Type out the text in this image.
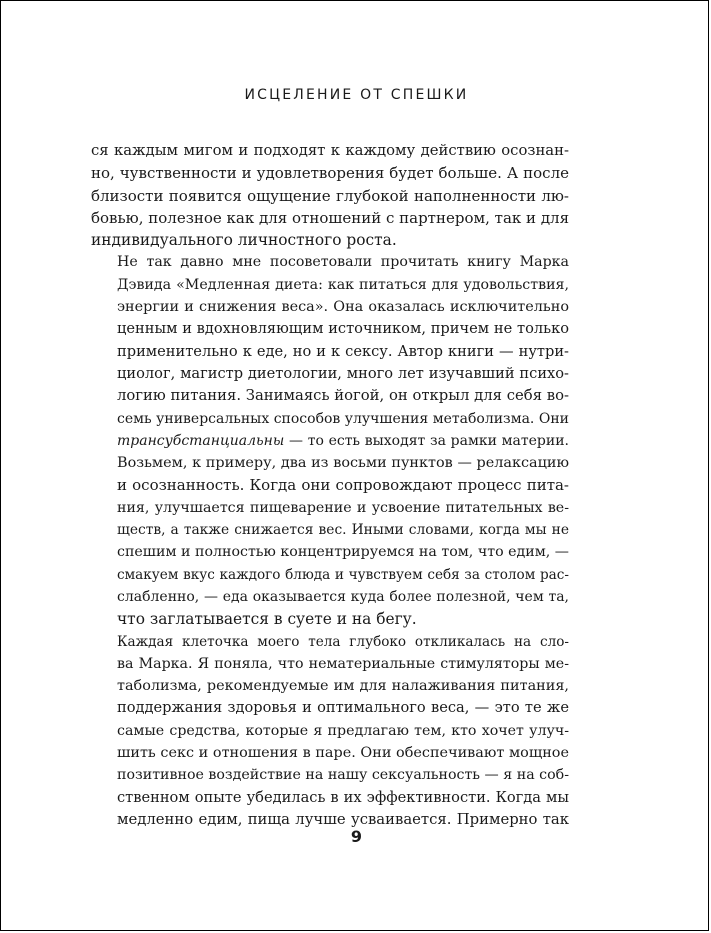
ИСЦЕЛЕНИЕ ОТ СПЕШКИ

ся каждым мигом и подходят к каждому действию осознан-
но, чувственности и удовлетворения будет больше. А после
близости появится ощущение глубокой наполненности лю-
бовью, полезное как для отношений с партнером, так и для
индивидуального личностного роста.

Не так давно мне посоветовали прочитать книгу Марка
Дэвида «Медленная диета: как питаться для удовольствия,
энергии и снижения веса». Она оказалась исключительно
ценным и вдохновляющим источником, причем не только
применительно к еде, но и к сексу. Автор книги — нутри-
циолог, магистр диетологии, много лет изучавший психо-
логию питания. Занимаясь йогой, он открыл для себя во-
семь универсальных способов улучшения метаболизма. Они
трансубстанциальны — то есть выходят за рамки материи.
Возьмем, к примеру, два из восьми пунктов — релаксацию
и осознанность. Когда они сопровождают процесс пита-
ния, улучшается пищеварение и усвоение питательных ве-
ществ, а также снижается вес. Иными словами, когда мы не
спешим и полностью концентрируемся на том, что едим, —
смакуем вкус каждого блюда и чувствуем себя за столом рас-
слабленно, — еда оказывается куда более полезной, чем та,
что заглатывается в суете и на бегу.

Каждая клеточка моего тела глубоко откликалась на сло-
ва Марка. Я поняла, что нематериальные стимуляторы ме-
таболизма, рекомендуемые им для налаживания питания,
поддержания здоровья и оптимального веса, — это те же
самые средства, которые я предлагаю тем, кто хочет улуч-
шить секс и отношения в паре. Они обеспечивают мощное
позитивное воздействие на нашу сексуальность — я на соб-
ственном опыте убедилась в их эффективности. Когда мы
медленно едим, пища лучше усваивается. Примерно так

9
